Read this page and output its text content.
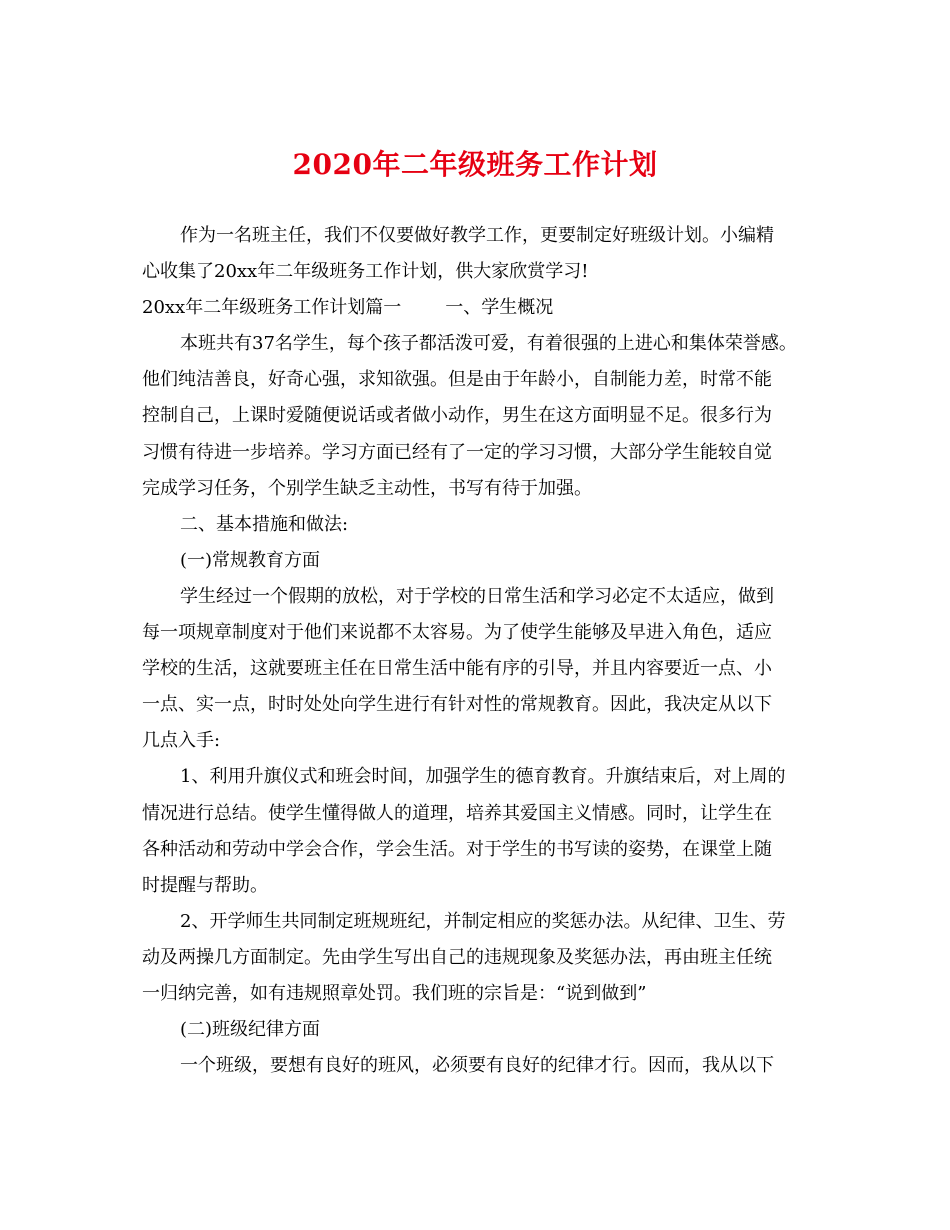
2020年二年级班务工作计划
作为一名班主任，我们不仅要做好教学工作，更要制定好班级计划。小编精
心收集了20xx年二年级班务工作计划，供大家欣赏学习!
20xx年二年级班务工作计划篇一 一、学生概况
本班共有37名学生，每个孩子都活泼可爱，有着很强的上进心和集体荣誉感。
他们纯洁善良，好奇心强，求知欲强。但是由于年龄小，自制能力差，时常不能
控制自己，上课时爱随便说话或者做小动作，男生在这方面明显不足。很多行为
习惯有待进一步培养。学习方面已经有了一定的学习习惯，大部分学生能较自觉
完成学习任务，个别学生缺乏主动性，书写有待于加强。
二、基本措施和做法:
(一)常规教育方面
学生经过一个假期的放松，对于学校的日常生活和学习必定不太适应，做到
每一项规章制度对于他们来说都不太容易。为了使学生能够及早进入角色，适应
学校的生活，这就要班主任在日常生活中能有序的引导，并且内容要近一点、小
一点、实一点，时时处处向学生进行有针对性的常规教育。因此，我决定从以下
几点入手:
1、利用升旗仪式和班会时间，加强学生的德育教育。升旗结束后，对上周的
情况进行总结。使学生懂得做人的道理，培养其爱国主义情感。同时，让学生在
各种活动和劳动中学会合作，学会生活。对于学生的书写读的姿势，在课堂上随
时提醒与帮助。
2、开学师生共同制定班规班纪，并制定相应的奖惩办法。从纪律、卫生、劳
动及两操几方面制定。先由学生写出自己的违规现象及奖惩办法，再由班主任统
一归纳完善，如有违规照章处罚。我们班的宗旨是：“说到做到”
(二)班级纪律方面
一个班级，要想有良好的班风，必须要有良好的纪律才行。因而，我从以下
